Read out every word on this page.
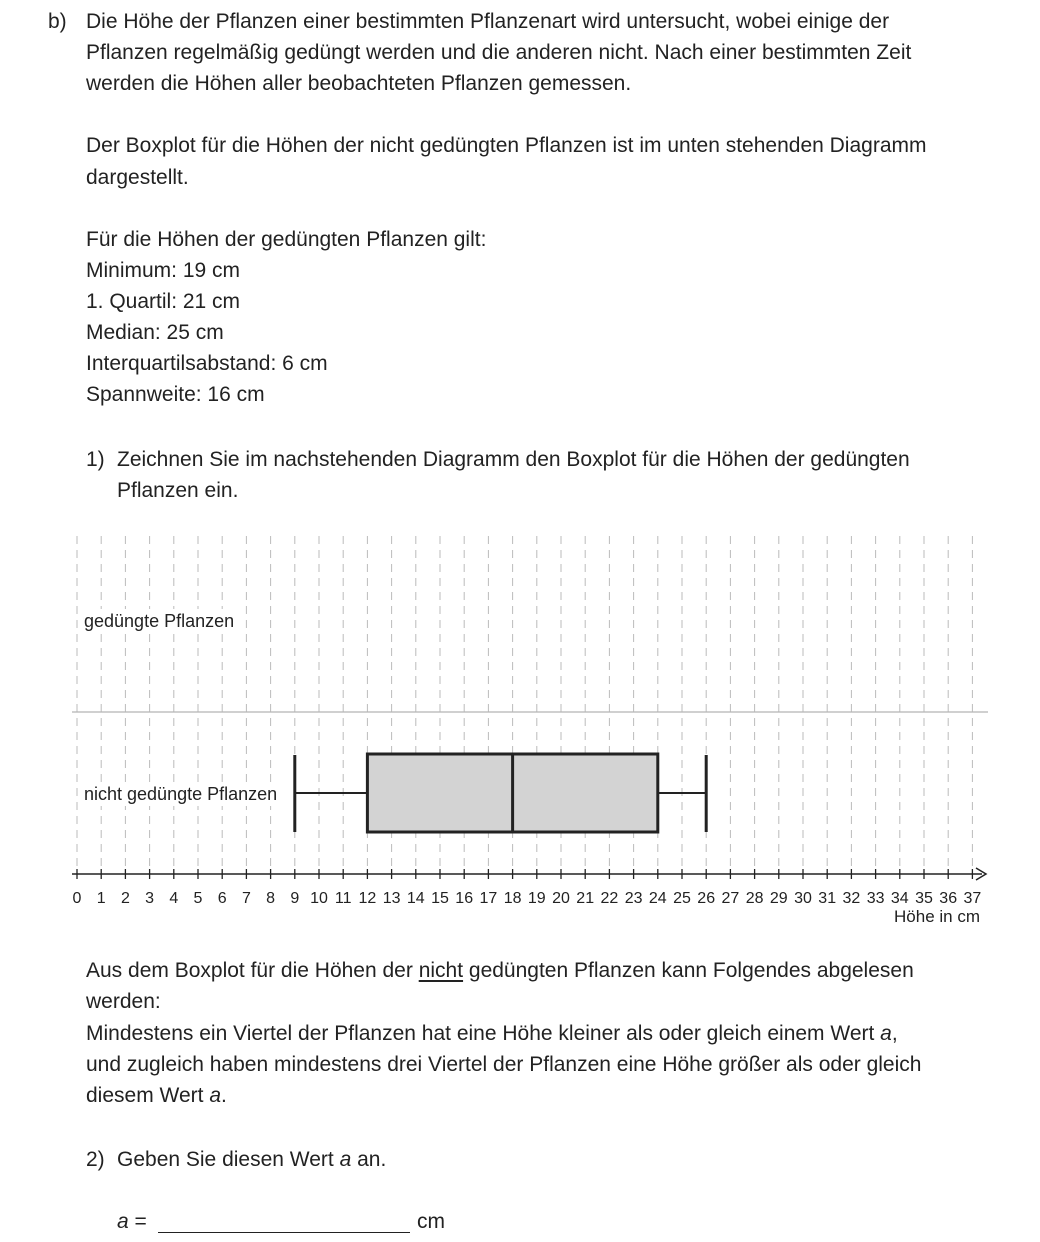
b) Die Höhe der Pflanzen einer bestimmten Pflanzenart wird untersucht, wobei einige der
Pflanzen regelmäßig gedüngt werden und die anderen nicht. Nach einer bestimmten Zeit
werden die Höhen aller beobachteten Pflanzen gemessen.
Der Boxplot für die Höhen der nicht gedüngten Pflanzen ist im unten stehenden Diagramm
dargestellt.
Für die Höhen der gedüngten Pflanzen gilt:
Minimum: 19 cm
1. Quartil: 21 cm
Median: 25 cm
Interquartilsabstand: 6 cm
Spannweite: 16 cm
1) Zeichnen Sie im nachstehenden Diagramm den Boxplot für die Höhen der gedüngten
Pflanzen ein.
gedüngte Pflanzen
nicht gedüngte Pflanzen
0 1 2 3 4 5 6 7 8 9 10 11 12 13 14 15 16 17 18 19 20 21 22 23 24 25 26 27 28 29 30 31 32 33 34 35 36 37
Höhe in cm
Aus dem Boxplot für die Höhen der nicht gedüngten Pflanzen kann Folgendes abgelesen
werden:
Mindestens ein Viertel der Pflanzen hat eine Höhe kleiner als oder gleich einem Wert a,
und zugleich haben mindestens drei Viertel der Pflanzen eine Höhe größer als oder gleich
diesem Wert a.
2) Geben Sie diesen Wert a an.
a =	cm
